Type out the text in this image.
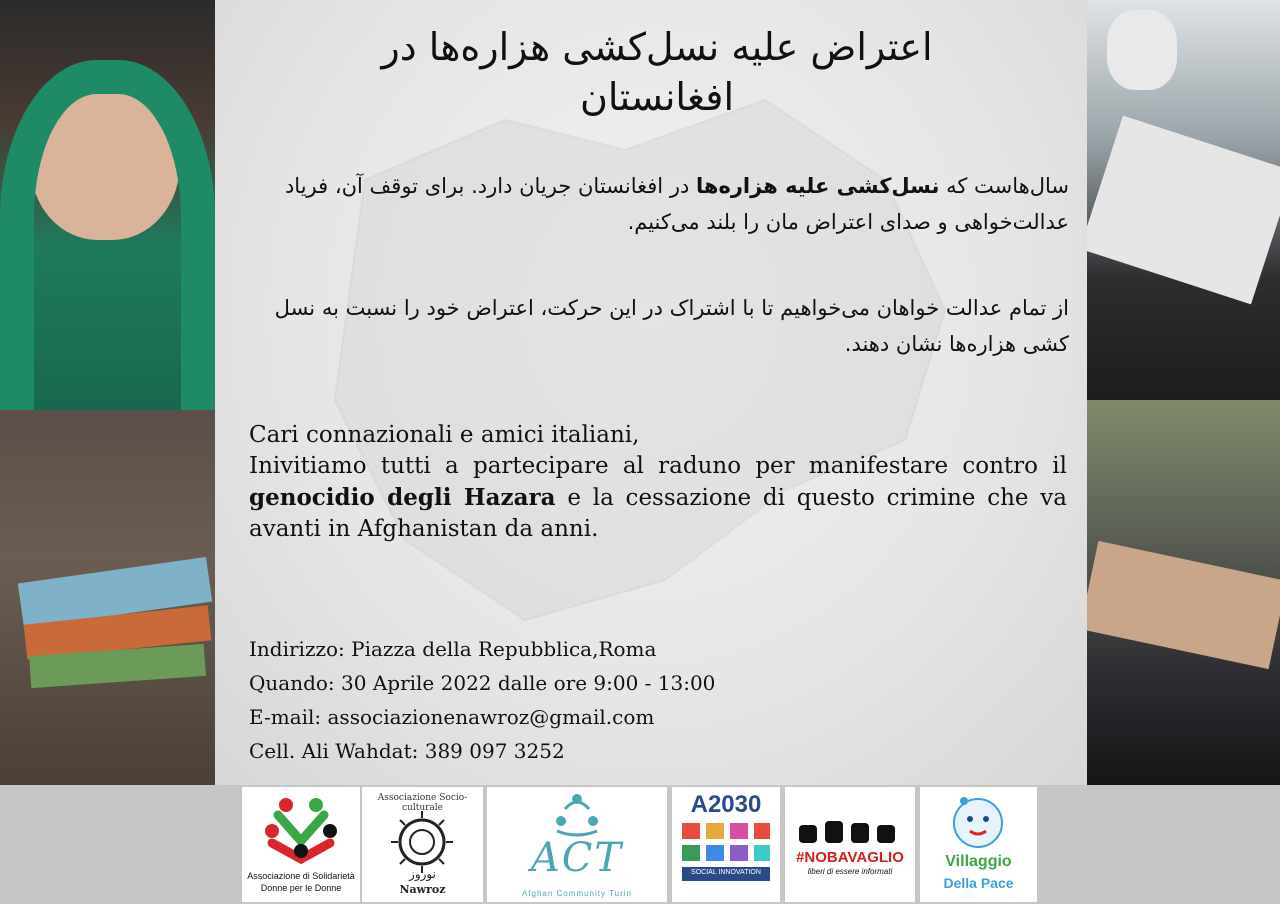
اعتراض علیه نسل‌کشی هزاره‌ها در افغانستان
سال‌هاست که نسل‌کشی علیه هزاره‌ها در افغانستان جریان دارد. برای توقف آن، فریاد عدالت‌خواهی و صدای اعتراض مان را بلند می‌کنیم.
از تمام عدالت خواهان می‌خواهیم تا با اشتراک در این حرکت، اعتراض خود را نسبت به نسل کشی هزاره‌ها نشان دهند.

Cari connazionali e amici italiani,

Inivitiamo tutti a partecipare al raduno per manifestare contro il genocidio degli Hazara e la cessazione di questo crimine che va avanti in Afghanistan da anni.

Indirizzo: Piazza della Repubblica,Roma
Quando: 30 Aprile 2022 dalle ore 9:00 - 13:00
E-mail: associazionenawroz@gmail.com
Cell. Ali Wahdat: 389 097 3252
Associazione di Solidarietà
Donne per le Donne
Associazione Socio-culturale
نوروز
Nawroz
ACT
Afghan Community Turin
A2030
SOCIAL INNOVATION
#NOBAVAGLIO
liberi di essere informati
Villaggio
Della Pace
